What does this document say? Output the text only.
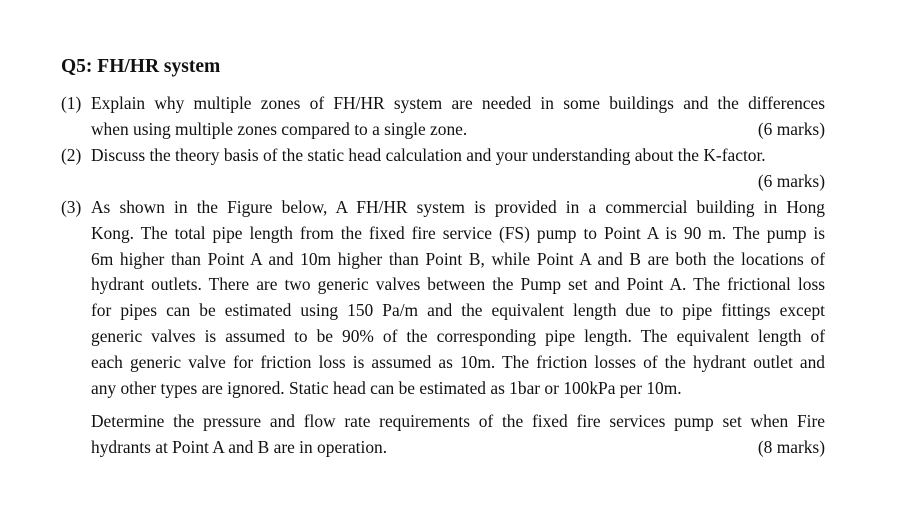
Q5: FH/HR system
(1) Explain why multiple zones of FH/HR system are needed in some buildings and the differences
when using multiple zones compared to a single zone.	(6 marks)
(2) Discuss the theory basis of the static head calculation and your understanding about the K-factor.
(6 marks)
(3) As shown in the Figure below, A FH/HR system is provided in a commercial building in Hong
Kong. The total pipe length from the fixed fire service (FS) pump to Point A is 90 m. The pump is
6m higher than Point A and 10m higher than Point B, while Point A and B are both the locations of
hydrant outlets. There are two generic valves between the Pump set and Point A. The frictional loss
for pipes can be estimated using 150 Pa/m and the equivalent length due to pipe fittings except
generic valves is assumed to be 90% of the corresponding pipe length. The equivalent length of
each generic valve for friction loss is assumed as 10m. The friction losses of the hydrant outlet and
any other types are ignored. Static head can be estimated as 1bar or 100kPa per 10m.
Determine the pressure and flow rate requirements of the fixed fire services pump set when Fire
hydrants at Point A and B are in operation.	(8 marks)
